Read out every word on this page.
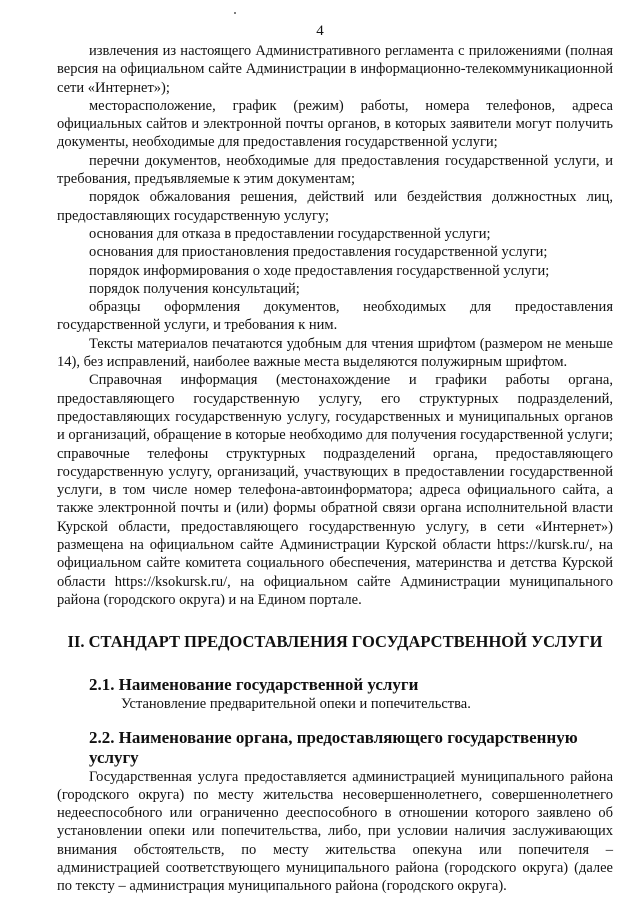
4

извлечения из настоящего Административного регламента с приложениями (полная версия на официальном сайте Администрации в информационно-телекоммуникационной сети «Интернет»);

месторасположение, график (режим) работы, номера телефонов, адреса официальных сайтов и электронной почты органов, в которых заявители могут получить документы, необходимые для предоставления государственной услуги;

перечни документов, необходимые для предоставления государственной услуги, и требования, предъявляемые к этим документам;

порядок обжалования решения, действий или бездействия должностных лиц, предоставляющих государственную услугу;

основания для отказа в предоставлении государственной услуги;

основания для приостановления предоставления государственной услуги;

порядок информирования о ходе предоставления государственной услуги;

порядок получения консультаций;

образцы оформления документов, необходимых для предоставления государственной услуги, и требования к ним.

Тексты материалов печатаются удобным для чтения шрифтом (размером не меньше 14), без исправлений, наиболее важные места выделяются полужирным шрифтом.

Справочная информация (местонахождение и графики работы органа, предоставляющего государственную услугу, его структурных подразделений, предоставляющих государственную услугу, государственных и муниципальных органов и организаций, обращение в которые необходимо для получения государственной услуги; справочные телефоны структурных подразделений органа, предоставляющего государственную услугу, организаций, участвующих в предоставлении государственной услуги, в том числе номер телефона-автоинформатора; адреса официального сайта, а также электронной почты и (или) формы обратной связи органа исполнительной власти Курской области, предоставляющего государственную услугу, в сети «Интернет») размещена на официальном сайте Администрации Курской области https://kursk.ru/, на официальном сайте комитета социального обеспечения, материнства и детства Курской области https://ksokursk.ru/, на официальном сайте Администрации муниципального района (городского округа) и на Едином портале.

II. СТАНДАРТ ПРЕДОСТАВЛЕНИЯ ГОСУДАРСТВЕННОЙ УСЛУГИ
2.1. Наименование государственной услуги

Установление предварительной опеки и попечительства.

2.2. Наименование органа, предоставляющего государственную услугу

Государственная услуга предоставляется администрацией муниципального района (городского округа) по месту жительства несовершеннолетнего, совершеннолетнего недееспособного или ограниченно дееспособного в отношении которого заявлено об установлении опеки или попечительства, либо, при условии наличия заслуживающих внимания обстоятельств, по месту жительства опекуна или попечителя – администрацией соответствующего муниципального района (городского округа) (далее по тексту – администрация муниципального района (городского округа).
